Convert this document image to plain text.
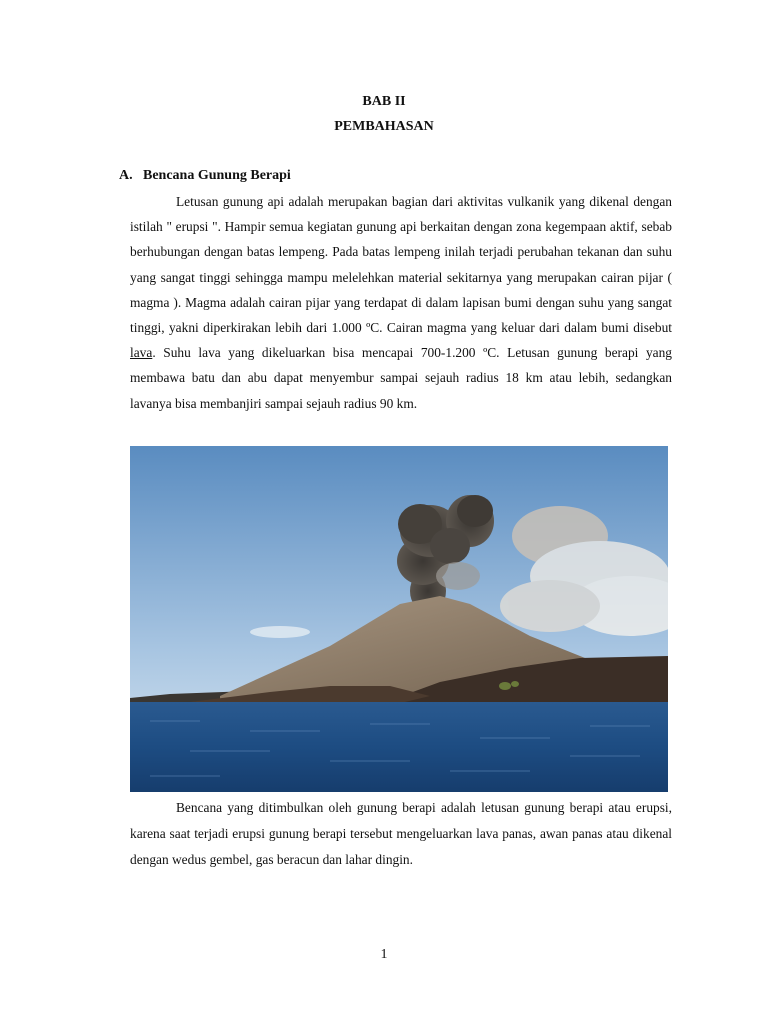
BAB II
PEMBAHASAN
A. Bencana Gunung Berapi

Letusan gunung api adalah merupakan bagian dari aktivitas vulkanik yang dikenal dengan istilah " erupsi ". Hampir semua kegiatan gunung api berkaitan dengan zona kegempaan aktif, sebab berhubungan dengan batas lempeng. Pada batas lempeng inilah terjadi perubahan tekanan dan suhu yang sangat tinggi sehingga mampu melelehkan material sekitarnya yang merupakan cairan pijar ( magma ). Magma adalah cairan pijar yang terdapat di dalam lapisan bumi dengan suhu yang sangat tinggi, yakni diperkirakan lebih dari 1.000 ºC. Cairan magma yang keluar dari dalam bumi disebut lava. Suhu lava yang dikeluarkan bisa mencapai 700-1.200 ºC. Letusan gunung berapi yang membawa batu dan abu dapat menyembur sampai sejauh radius 18 km atau lebih, sedangkan lavanya bisa membanjiri sampai sejauh radius 90 km.

Bencana yang ditimbulkan oleh gunung berapi adalah letusan gunung berapi atau erupsi, karena saat terjadi erupsi gunung berapi tersebut mengeluarkan lava panas, awan panas atau dikenal dengan wedus gembel, gas beracun dan lahar dingin.

1
